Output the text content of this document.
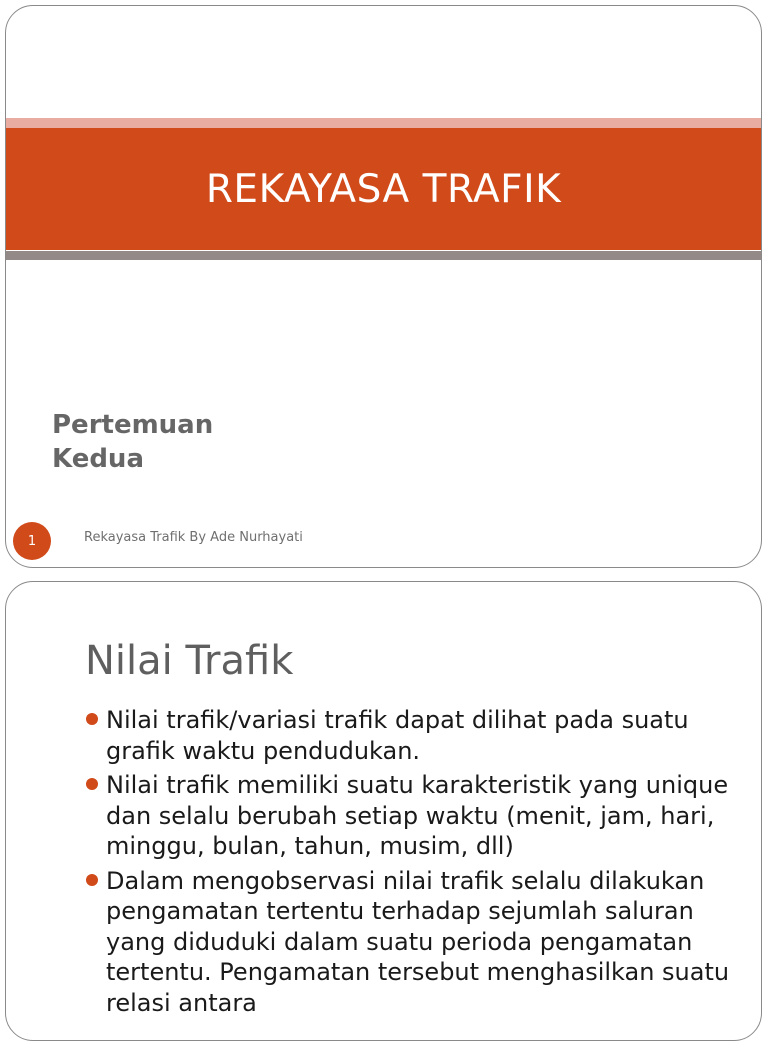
REKAYASA TRAFIK
Pertemuan
Kedua
1	Rekayasa Trafik By Ade Nurhayati
Nilai Trafik
Nilai trafik/variasi trafik dapat dilihat pada suatu grafik waktu pendudukan.
Nilai trafik memiliki suatu karakteristik yang unique dan selalu berubah setiap waktu (menit, jam, hari, minggu, bulan, tahun, musim, dll)
Dalam mengobservasi nilai trafik selalu dilakukan pengamatan tertentu terhadap sejumlah saluran yang diduduki dalam suatu perioda pengamatan tertentu. Pengamatan tersebut menghasilkan suatu relasi antara
